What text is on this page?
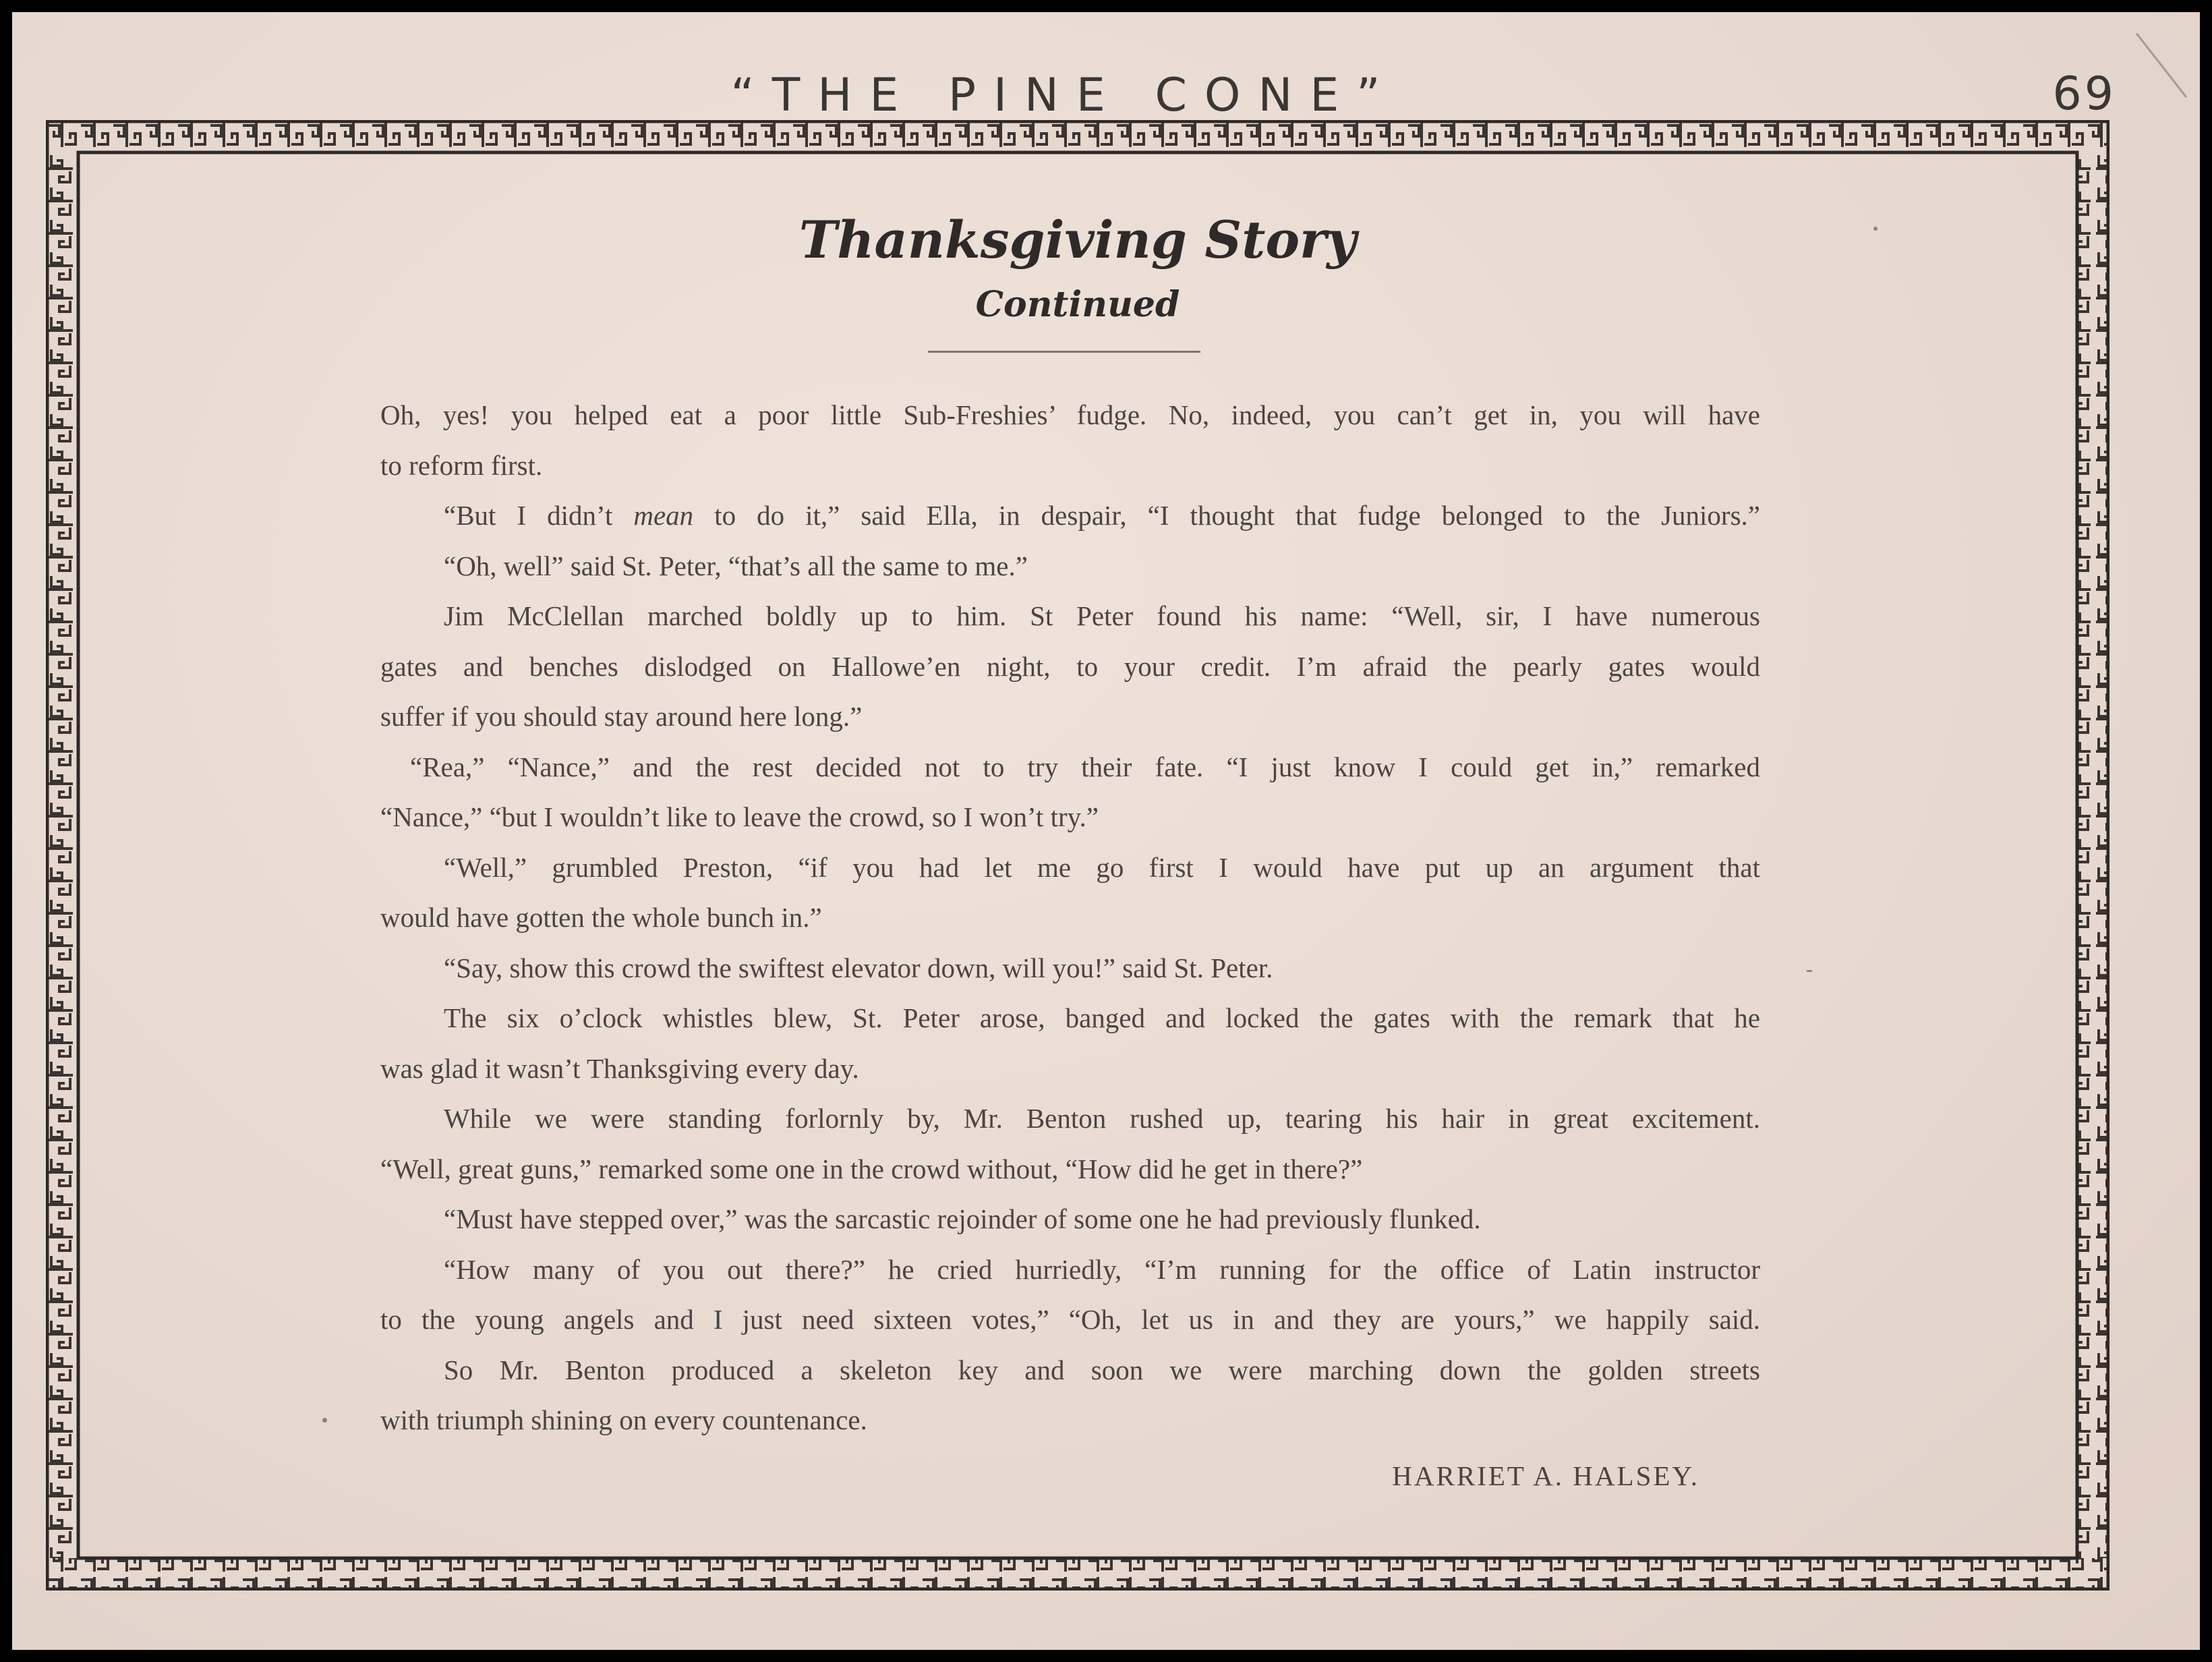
“THE PINE CONE”	69
Thanksgiving Story
Continued
Oh, yes! you helped eat a poor little Sub-Freshies’ fudge. No, indeed, you can’t get in, you will have
to reform first.
“But I didn’t mean to do it,” said Ella, in despair, “I thought that fudge belonged to the Juniors.”
“Oh, well” said St. Peter, “that’s all the same to me.”
Jim McClellan marched boldly up to him. St Peter found his name: “Well, sir, I have numerous
gates and benches dislodged on Hallowe’en night, to your credit. I’m afraid the pearly gates would
suffer if you should stay around here long.”
“Rea,” “Nance,” and the rest decided not to try their fate. “I just know I could get in,” remarked
“Nance,” “but I wouldn’t like to leave the crowd, so I won’t try.”
“Well,” grumbled Preston, “if you had let me go first I would have put up an argument that
would have gotten the whole bunch in.”
“Say, show this crowd the swiftest elevator down, will you!” said St. Peter.
The six o’clock whistles blew, St. Peter arose, banged and locked the gates with the remark that he
was glad it wasn’t Thanksgiving every day.
While we were standing forlornly by, Mr. Benton rushed up, tearing his hair in great excitement.
“Well, great guns,” remarked some one in the crowd without, “How did he get in there?”
“Must have stepped over,” was the sarcastic rejoinder of some one he had previously flunked.
“How many of you out there?” he cried hurriedly, “I’m running for the office of Latin instructor
to the young angels and I just need sixteen votes,” “Oh, let us in and they are yours,” we happily said.
So Mr. Benton produced a skeleton key and soon we were marching down the golden streets
with triumph shining on every countenance.
HARRIET A. HALSEY.
